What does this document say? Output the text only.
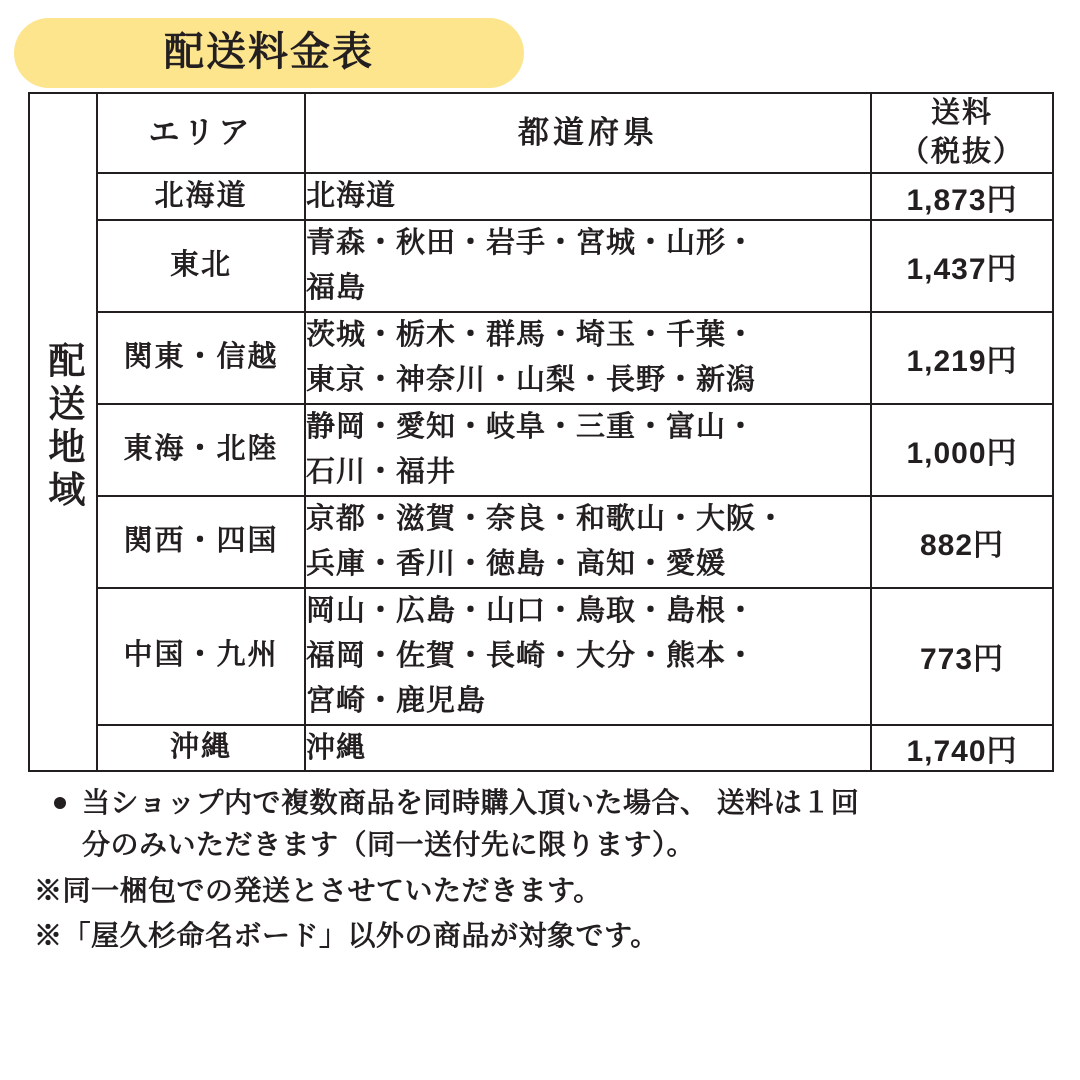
配送料金表
配送地域	エリア	都道府県	送料
（税抜）

	北海道	北海道	1,873円
	東北	青森・秋田・岩手・宮城・山形・
福島	1,437円
	関東・信越	茨城・栃木・群馬・埼玉・千葉・
東京・神奈川・山梨・長野・新潟	1,219円
	東海・北陸	静岡・愛知・岐阜・三重・富山・
石川・福井	1,000円
	関西・四国	京都・滋賀・奈良・和歌山・大阪・
兵庫・香川・徳島・高知・愛媛	882円
	中国・九州	岡山・広島・山口・鳥取・島根・
福岡・佐賀・長崎・大分・熊本・
宮崎・鹿児島	773円
	沖縄	沖縄	1,740円
当ショップ内で複数商品を同時購入頂いた場合、 送料は１回
分のみいただきます（同一送付先に限ります）。
※同一梱包での発送とさせていただきます。
※「屋久杉命名ボード」以外の商品が対象です。
